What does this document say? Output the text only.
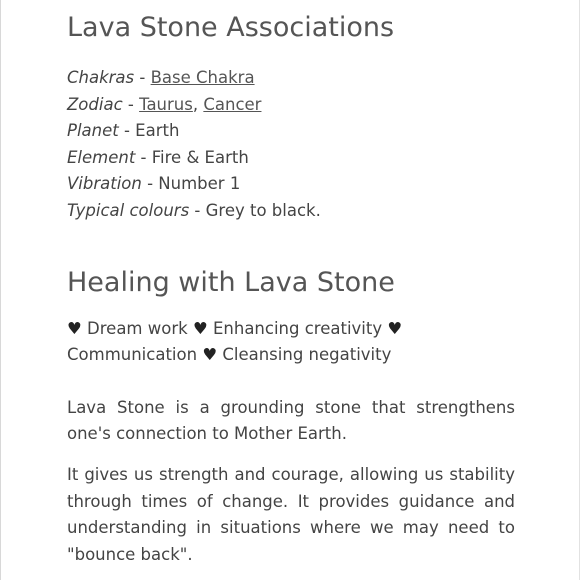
Lava Stone Associations
Chakras - Base Chakra
Zodiac - Taurus, Cancer
Planet - Earth
Element - Fire & Earth
Vibration - Number 1
Typical colours - Grey to black.
Healing with Lava Stone
♥ Dream work ♥ Enhancing creativity ♥ Communication ♥ Cleansing negativity

Lava Stone is a grounding stone that strengthens one's connection to Mother Earth.

It gives us strength and courage, allowing us stability through times of change. It provides guidance and understanding in situations where we may need to "bounce back".
